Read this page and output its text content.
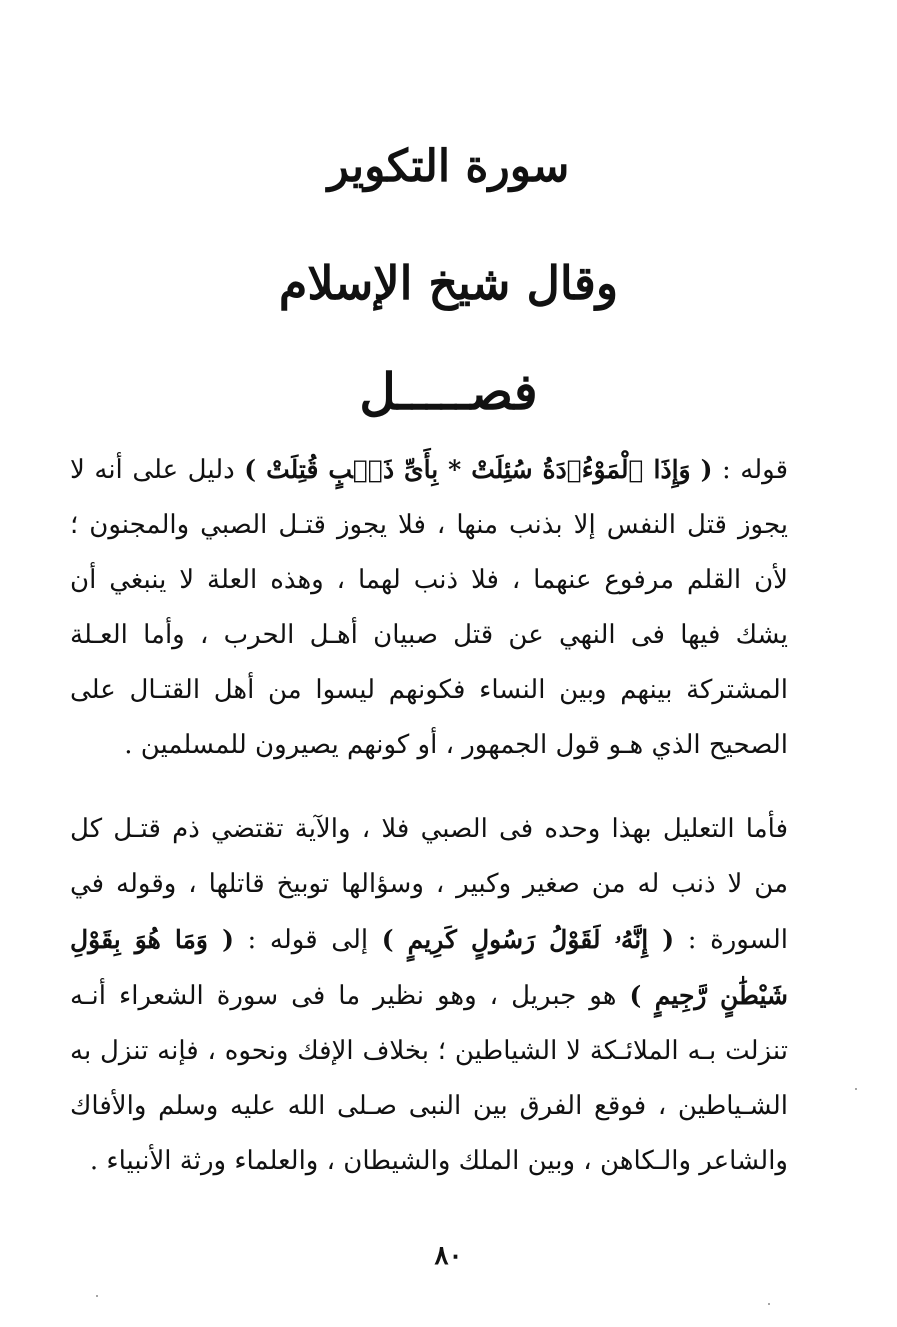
سورة التكوير
وقال شيخ الإسلام
فصـــــل

قوله : ( وَإِذَا ٱلْمَوْءُۥدَةُ سُئِلَتْ * بِأَىِّ ذَنۢبٍ قُتِلَتْ ) دليل على أنه لا يجوز قتل النفس إلا بذنب منها ، فلا يجوز قتـل الصبي والمجنون ؛ لأن القلم مرفوع عنهما ، فلا ذنب لهما ، وهذه العلة لا ينبغي أن يشك فيها فى النهي عن قتل صبيان أهـل الحرب ، وأما العـلة المشتركة بينهم وبين النساء فكونهم ليسوا من أهل القتـال على الصحيح الذي هـو قول الجمهور ، أو كونهم يصيرون للمسلمين .

فأما التعليل بهذا وحده فى الصبي فلا ، والآية تقتضي ذم قتـل كل من لا ذنب له من صغير وكبير ، وسؤالها توبيخ قاتلها ، وقوله في السورة : ( إِنَّهُۥ لَقَوْلُ رَسُولٍ كَرِيمٍ ) إلى قوله : ( وَمَا هُوَ بِقَوْلِ شَيْطَٰنٍ رَّجِيمٍ ) هو جبريل ، وهو نظير ما فى سورة الشعراء أنـه تنزلت بـه الملائـكة لا الشياطين ؛ بخلاف الإفك ونحوه ، فإنه تنزل به الشـياطين ، فوقع الفرق بين النبى صـلى الله عليه وسلم والأفاك والشاعر والـكاهن ، وبين الملك والشيطان ، والعلماء ورثة الأنبياء .

٨٠
